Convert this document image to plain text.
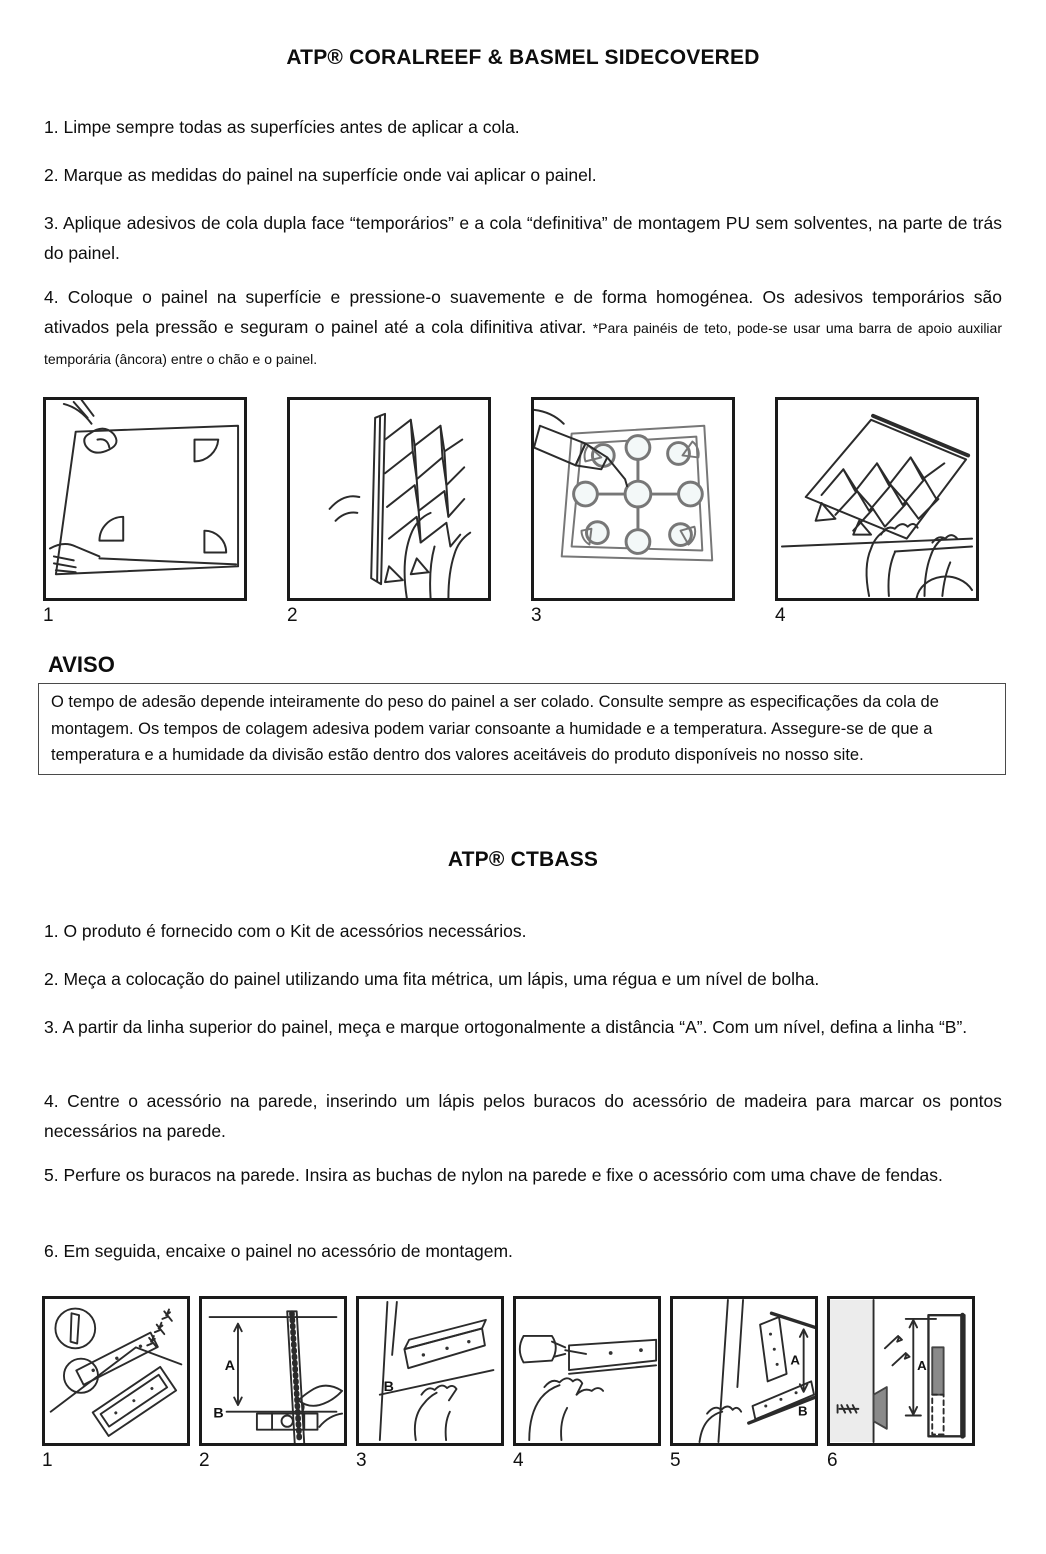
ATP® CORALREEF & BASMEL SIDECOVERED

1. Limpe sempre todas as superfícies antes de aplicar a cola.

2. Marque as medidas do painel na superfície onde vai aplicar o painel.

3. Aplique adesivos de cola dupla face “temporários” e a cola “definitiva” de montagem PU sem solventes, na parte de trás do painel.

4. Coloque o painel na superfície e pressione-o suavemente e de forma homogénea. Os adesivos temporários são ativados pela pressão e seguram o painel até a cola difinitiva ativar. *Para painéis de teto, pode-se usar uma barra de apoio auxiliar temporária (âncora) entre o chão e o painel.

1	2	3	4
AVISO
O tempo de adesão depende inteiramente do peso do painel a ser colado. Consulte sempre as especificações da cola de montagem. Os tempos de colagem adesiva podem variar consoante a humidade e a temperatura. Assegure-se de que a temperatura e a humidade da divisão estão dentro dos valores aceitáveis do produto disponíveis no nosso site.
ATP® CTBASS

1. O produto é fornecido com o Kit de acessórios necessários.

2. Meça a colocação do painel utilizando uma fita métrica, um lápis, uma régua e um nível de bolha.

3. A partir da linha superior do painel, meça e marque ortogonalmente a distância “A”. Com um nível, defina a linha “B”.

4. Centre o acessório na parede, inserindo um lápis pelos buracos do acessório de madeira para marcar os pontos necessários na parede.

5. Perfure os buracos na parede. Insira as buchas de nylon na parede e fixe o acessório com uma chave de fendas.

6. Em seguida, encaixe o painel no acessório de montagem.

1
A
B
2
B
3	4
A
B
5
A
6
